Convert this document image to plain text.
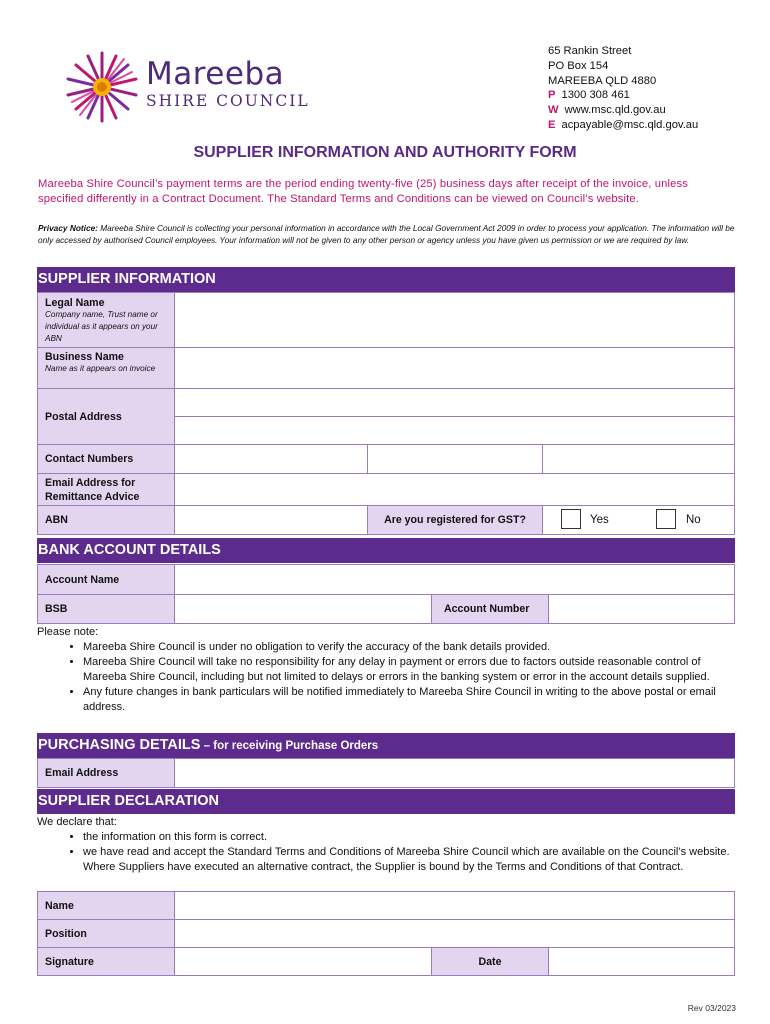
Mareeba
SHIRE COUNCIL
65 Rankin Street
PO Box 154
MAREEBA QLD 4880
P 1300 308 461
W www.msc.qld.gov.au
E acpayable@msc.qld.gov.au
SUPPLIER INFORMATION AND AUTHORITY FORM
Mareeba Shire Council’s payment terms are the period ending twenty-five (25) business days after receipt of the invoice, unless specified differently in a Contract Document. The Standard Terms and Conditions can be viewed on Council’s website.
Privacy Notice: Mareeba Shire Council is collecting your personal information in accordance with the Local Government Act 2009 in order to process your application. The information will be only accessed by authorised Council employees. Your information will not be given to any other person or agency unless you have given us permission or we are required by law.
SUPPLIER INFORMATION
Legal Name
Company name, Trust name or individual as it appears on your ABN
Business Name
Name as it appears on invoice
Postal Address
Contact Numbers
Email Address for Remittance Advice
ABN	Are you registered for GST?	Yes	No
BANK ACCOUNT DETAILS
Account Name
BSB	Account Number
Please note:
• Mareeba Shire Council is under no obligation to verify the accuracy of the bank details provided.
• Mareeba Shire Council will take no responsibility for any delay in payment or errors due to factors outside reasonable control of Mareeba Shire Council, including but not limited to delays or errors in the banking system or error in the account details supplied.
• Any future changes in bank particulars will be notified immediately to Mareeba Shire Council in writing to the above postal or email address.
PURCHASING DETAILS – for receiving Purchase Orders
Email Address
SUPPLIER DECLARATION
We declare that:
• the information on this form is correct.
• we have read and accept the Standard Terms and Conditions of Mareeba Shire Council which are available on the Council’s website. Where Suppliers have executed an alternative contract, the Supplier is bound by the Terms and Conditions of that Contract.
Name
Position
Signature	Date
Rev 03/2023
